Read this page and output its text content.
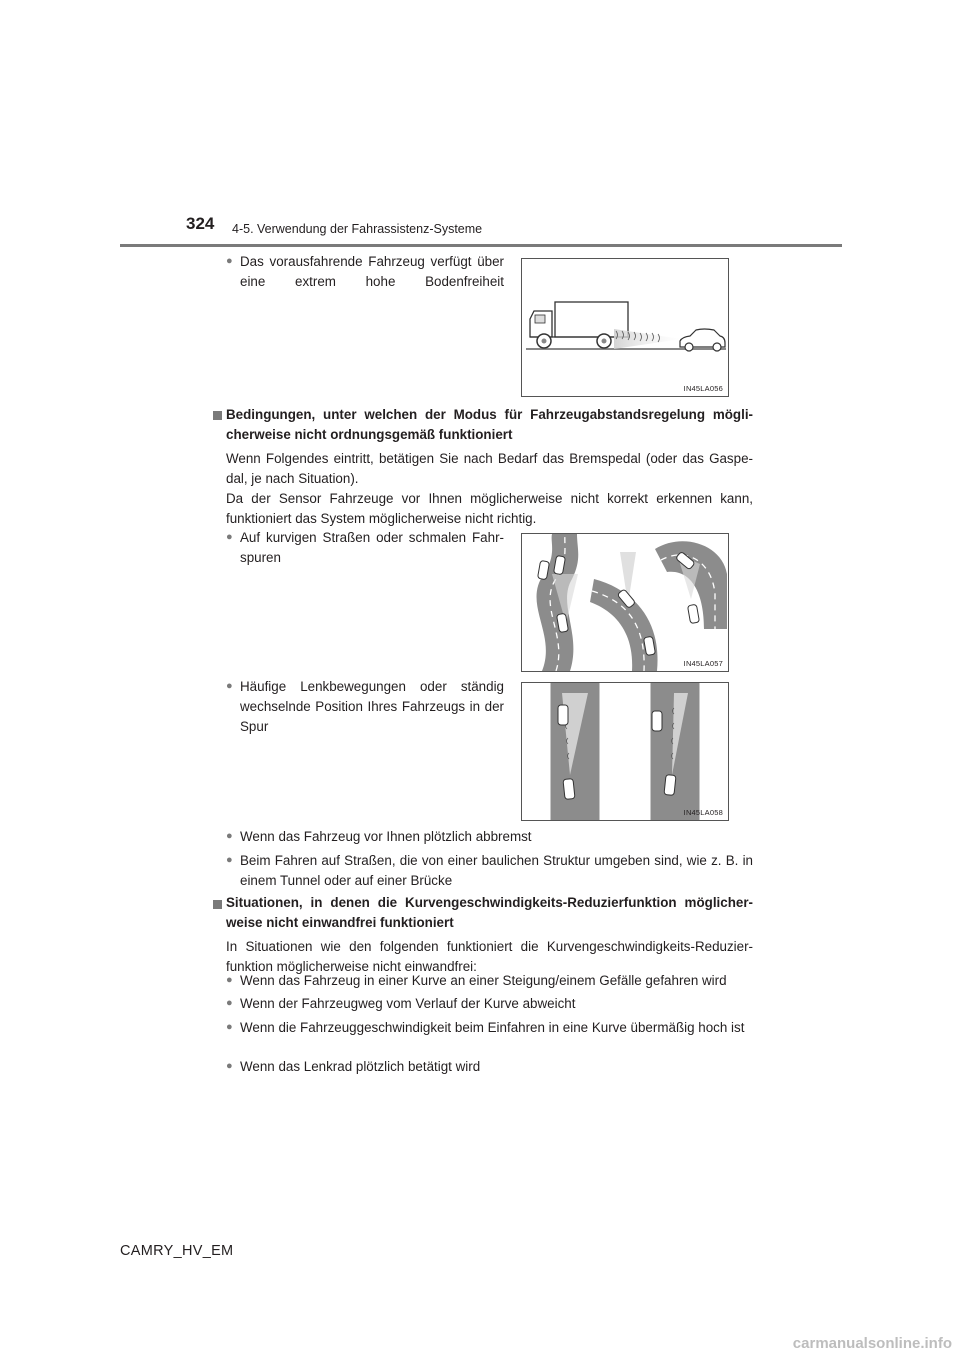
324 4-5. Verwendung der Fahrassistenz-Systeme
● Das vorausfahrende Fahrzeug verfügt über eine extrem hohe Bodenfreiheit
IN45LA056
Bedingungen, unter welchen der Modus für Fahrzeugabstandsregelung mögli-cherweise nicht ordnungsgemäß funktioniert
Wenn Folgendes eintritt, betätigen Sie nach Bedarf das Bremspedal (oder das Gaspe-dal, je nach Situation).
Da der Sensor Fahrzeuge vor Ihnen möglicherweise nicht korrekt erkennen kann, funktioniert das System möglicherweise nicht richtig.
● Auf kurvigen Straßen oder schmalen Fahr-spuren
IN45LA057
● Häufige Lenkbewegungen oder ständig wechselnde Position Ihres Fahrzeugs in der Spur
IN45LA058
● Wenn das Fahrzeug vor Ihnen plötzlich abbremst
● Beim Fahren auf Straßen, die von einer baulichen Struktur umgeben sind, wie z. B. in einem Tunnel oder auf einer Brücke
Situationen, in denen die Kurvengeschwindigkeits-Reduzierfunktion möglicher-weise nicht einwandfrei funktioniert
In Situationen wie den folgenden funktioniert die Kurvengeschwindigkeits-Reduzier-funktion möglicherweise nicht einwandfrei:
● Wenn das Fahrzeug in einer Kurve an einer Steigung/einem Gefälle gefahren wird
● Wenn der Fahrzeugweg vom Verlauf der Kurve abweicht
● Wenn die Fahrzeuggeschwindigkeit beim Einfahren in eine Kurve übermäßig hoch ist
● Wenn das Lenkrad plötzlich betätigt wird
CAMRY_HV_EM
carmanualsonline.info
